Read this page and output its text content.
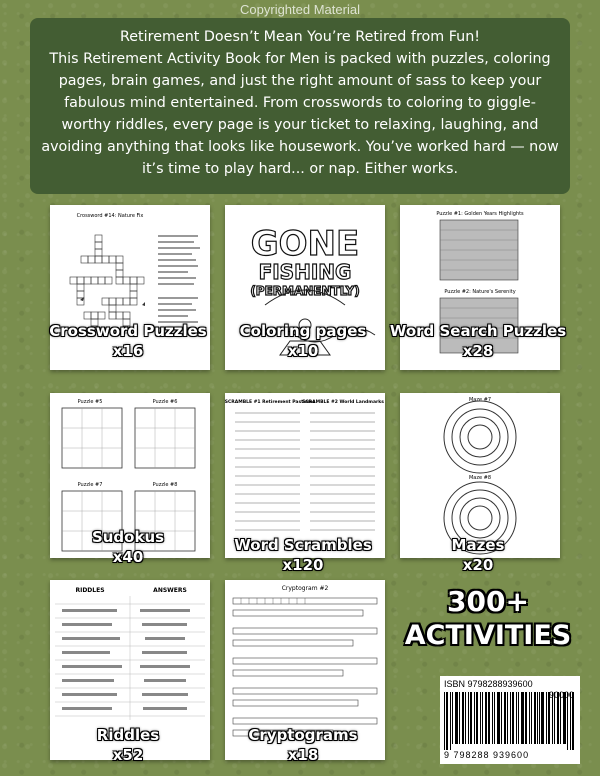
Copyrighted Material

Retirement Doesn’t Mean You’re Retired from Fun!

This Retirement Activity Book for Men is packed with puzzles, coloring pages, brain games, and just the right amount of sass to keep your fabulous mind entertained. From crosswords to coloring to giggle-worthy riddles, every page is your ticket to relaxing, laughing, and avoiding anything that looks like housework. You’ve worked hard — now it’s time to play hard... or nap. Either works.

Crossword #14: Nature Fix
Crossword Puzzles
x16
GONE
FISHING
(PERMANENTLY)
Coloring pages
x10
Puzzle #1: Golden Years Highlights
Puzzle #2: Nature's Serenity
Word Search Puzzles
x28
Puzzle #5	Puzzle #6
Puzzle #7	Puzzle #8
Sudokus
x40
SCRAMBLE #1 Retirement Pastimes
SCRAMBLE #2 World Landmarks
Word Scrambles
x120
Maze #7
Maze #8
Mazes
x20
RIDDLES	ANSWERS
Riddles
x52
Cryptogram #2
Cryptograms
x18
300+
ACTIVITIES
ISBN 9798288939600
90000
9 798288 939600
